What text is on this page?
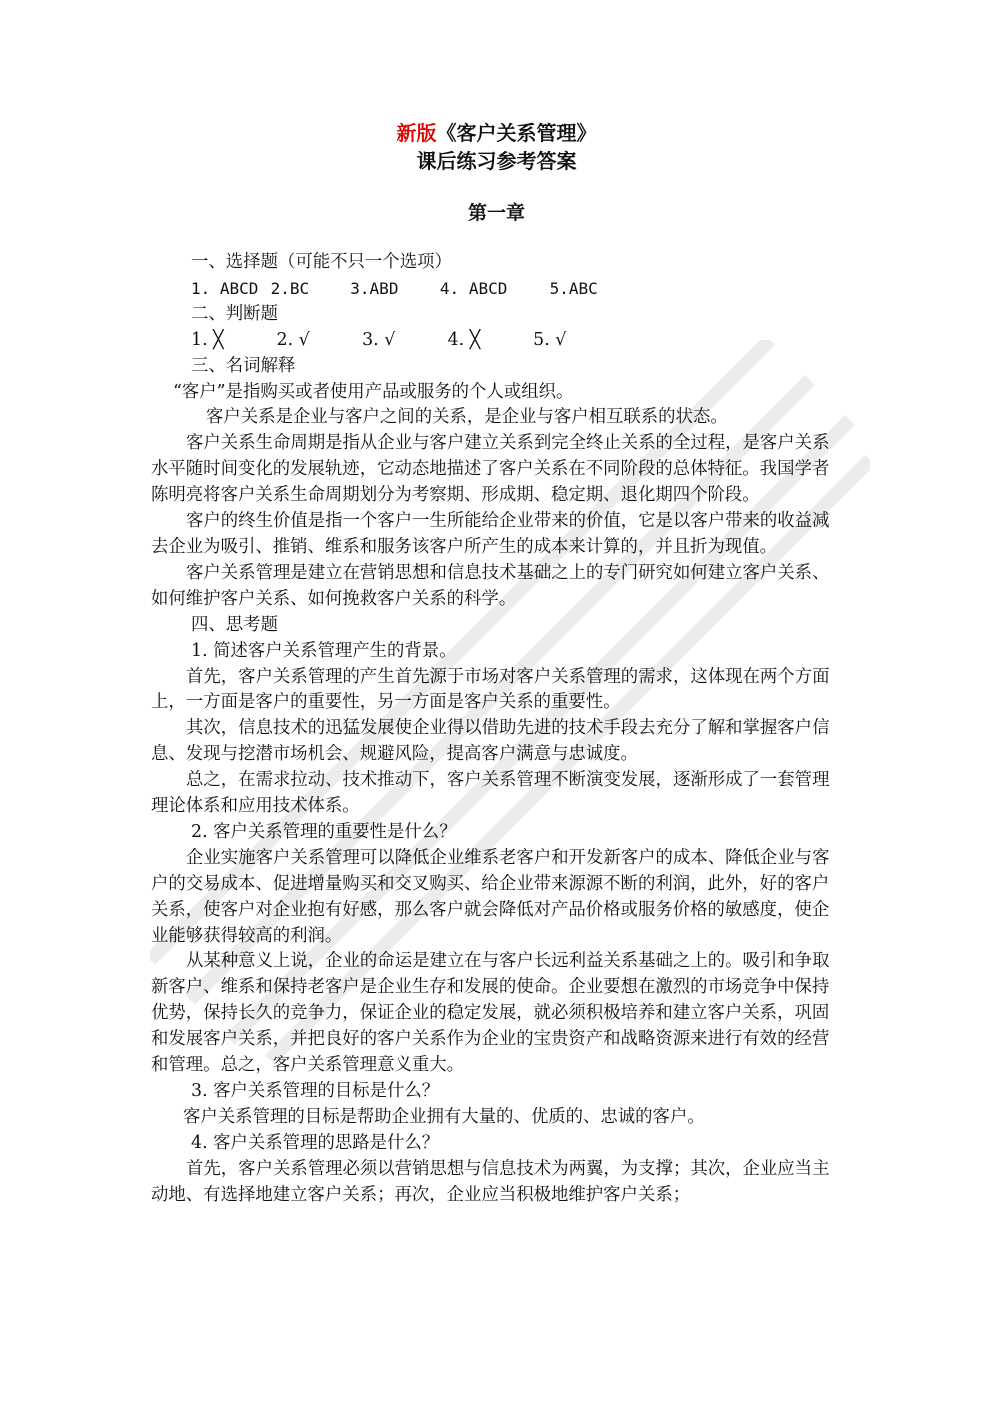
新版《客户关系管理》
课后练习参考答案
第一章

一、选择题（可能不只一个选项）

1. ABCD 2.BC	3.ABD	4. ABCD	5.ABC

二、判断题

1. ╳	2. √	3. √	4. ╳	5. √

三、名词解释

“客户”是指购买或者使用产品或服务的个人或组织。

客户关系是企业与客户之间的关系，是企业与客户相互联系的状态。

客户关系生命周期是指从企业与客户建立关系到完全终止关系的全过程，是客户关系水平随时间变化的发展轨迹，它动态地描述了客户关系在不同阶段的总体特征。我国学者陈明亮将客户关系生命周期划分为考察期、形成期、稳定期、退化期四个阶段。

客户的终生价值是指一个客户一生所能给企业带来的价值，它是以客户带来的收益减去企业为吸引、推销、维系和服务该客户所产生的成本来计算的，并且折为现值。

客户关系管理是建立在营销思想和信息技术基础之上的专门研究如何建立客户关系、如何维护客户关系、如何挽救客户关系的科学。

四、思考题

1. 简述客户关系管理产生的背景。

首先，客户关系管理的产生首先源于市场对客户关系管理的需求，这体现在两个方面上，一方面是客户的重要性，另一方面是客户关系的重要性。

其次，信息技术的迅猛发展使企业得以借助先进的技术手段去充分了解和掌握客户信息、发现与挖潜市场机会、规避风险，提高客户满意与忠诚度。

总之，在需求拉动、技术推动下，客户关系管理不断演变发展，逐渐形成了一套管理理论体系和应用技术体系。

2. 客户关系管理的重要性是什么？

企业实施客户关系管理可以降低企业维系老客户和开发新客户的成本、降低企业与客户的交易成本、促进增量购买和交叉购买、给企业带来源源不断的利润，此外，好的客户关系，使客户对企业抱有好感，那么客户就会降低对产品价格或服务价格的敏感度，使企业能够获得较高的利润。

从某种意义上说，企业的命运是建立在与客户长远利益关系基础之上的。吸引和争取新客户、维系和保持老客户是企业生存和发展的使命。企业要想在激烈的市场竞争中保持优势，保持长久的竞争力，保证企业的稳定发展，就必须积极培养和建立客户关系，巩固和发展客户关系，并把良好的客户关系作为企业的宝贵资产和战略资源来进行有效的经营和管理。总之，客户关系管理意义重大。

3. 客户关系管理的目标是什么？

客户关系管理的目标是帮助企业拥有大量的、优质的、忠诚的客户。

4. 客户关系管理的思路是什么？

首先，客户关系管理必须以营销思想与信息技术为两翼，为支撑；其次，企业应当主动地、有选择地建立客户关系；再次，企业应当积极地维护客户关系；
